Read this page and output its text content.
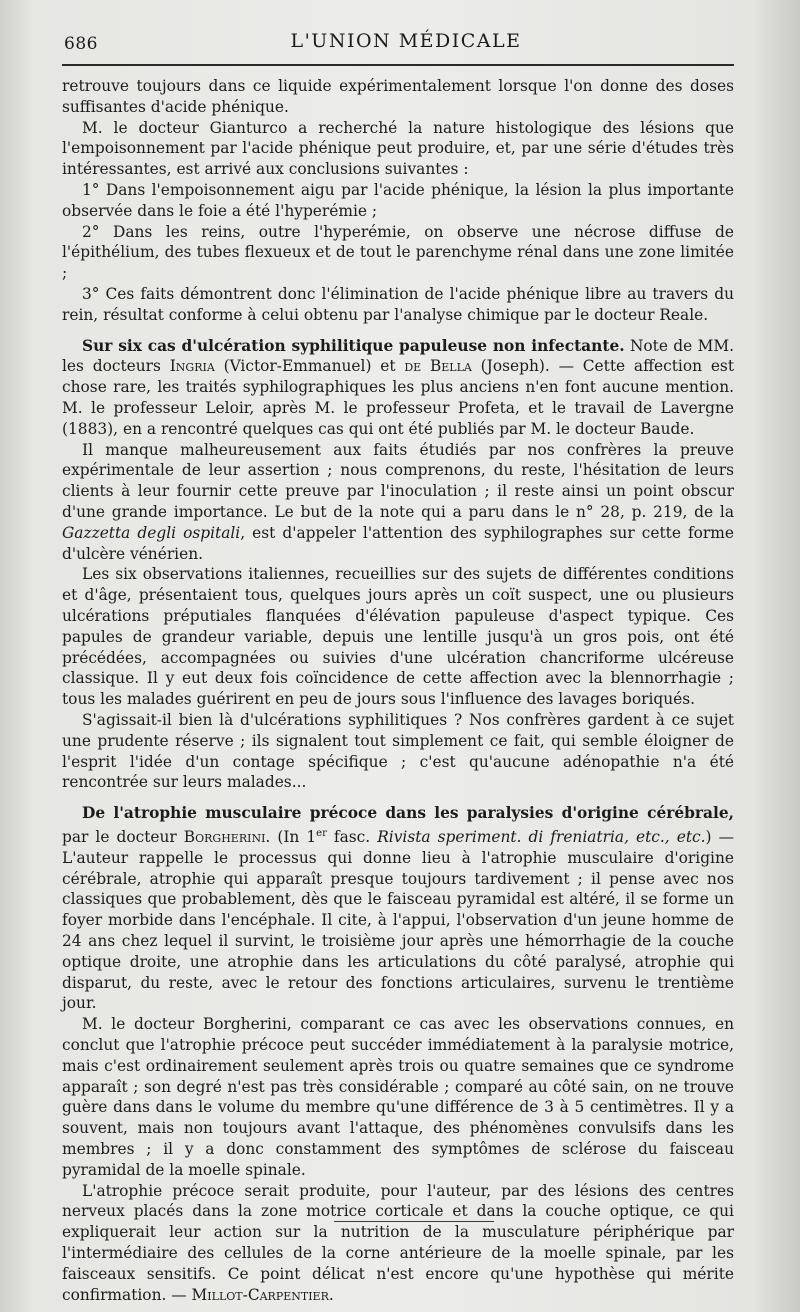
686	L'UNION MÉDICALE

retrouve toujours dans ce liquide expérimentalement lorsque l'on donne des doses suffisantes d'acide phénique.

M. le docteur Gianturco a recherché la nature histologique des lésions que l'empoisonnement par l'acide phénique peut produire, et, par une série d'études très intéressantes, est arrivé aux conclusions suivantes :

1° Dans l'empoisonnement aigu par l'acide phénique, la lésion la plus importante observée dans le foie a été l'hyperémie ;

2° Dans les reins, outre l'hyperémie, on observe une nécrose diffuse de l'épithélium, des tubes flexueux et de tout le parenchyme rénal dans une zone limitée ;

3° Ces faits démontrent donc l'élimination de l'acide phénique libre au travers du rein, résultat conforme à celui obtenu par l'analyse chimique par le docteur Reale.

Sur six cas d'ulcération syphilitique papuleuse non infectante. Note de MM. les docteurs Ingria (Victor-Emmanuel) et de Bella (Joseph). — Cette affection est chose rare, les traités syphilographiques les plus anciens n'en font aucune mention. M. le professeur Leloir, après M. le professeur Profeta, et le travail de Lavergne (1883), en a rencontré quelques cas qui ont été publiés par M. le docteur Baude.

Il manque malheureusement aux faits étudiés par nos confrères la preuve expérimentale de leur assertion ; nous comprenons, du reste, l'hésitation de leurs clients à leur fournir cette preuve par l'inoculation ; il reste ainsi un point obscur d'une grande importance. Le but de la note qui a paru dans le n° 28, p. 219, de la Gazzetta degli ospitali, est d'appeler l'attention des syphilographes sur cette forme d'ulcère vénérien.

Les six observations italiennes, recueillies sur des sujets de différentes conditions et d'âge, présentaient tous, quelques jours après un coït suspect, une ou plusieurs ulcérations préputiales flanquées d'élévation papuleuse d'aspect typique. Ces papules de grandeur variable, depuis une lentille jusqu'à un gros pois, ont été précédées, accompagnées ou suivies d'une ulcération chancriforme ulcéreuse classique. Il y eut deux fois coïncidence de cette affection avec la blennorrhagie ; tous les malades guérirent en peu de jours sous l'influence des lavages boriqués.

S'agissait-il bien là d'ulcérations syphilitiques ? Nos confrères gardent à ce sujet une prudente réserve ; ils signalent tout simplement ce fait, qui semble éloigner de l'esprit l'idée d'un contage spécifique ; c'est qu'aucune adénopathie n'a été rencontrée sur leurs malades...

De l'atrophie musculaire précoce dans les paralysies d'origine cérébrale, par le docteur Borgherini. (In 1er fasc. Rivista speriment. di freniatria, etc., etc.) — L'auteur rappelle le processus qui donne lieu à l'atrophie musculaire d'origine cérébrale, atrophie qui apparaît presque toujours tardivement ; il pense avec nos classiques que probablement, dès que le faisceau pyramidal est altéré, il se forme un foyer morbide dans l'encéphale. Il cite, à l'appui, l'observation d'un jeune homme de 24 ans chez lequel il survint, le troisième jour après une hémorrhagie de la couche optique droite, une atrophie dans les articulations du côté paralysé, atrophie qui disparut, du reste, avec le retour des fonctions articulaires, survenu le trentième jour.

M. le docteur Borgherini, comparant ce cas avec les observations connues, en conclut que l'atrophie précoce peut succéder immédiatement à la paralysie motrice, mais c'est ordinairement seulement après trois ou quatre semaines que ce syndrome apparaît ; son degré n'est pas très considérable ; comparé au côté sain, on ne trouve guère dans dans le volume du membre qu'une différence de 3 à 5 centimètres. Il y a souvent, mais non toujours avant l'attaque, des phénomènes convulsifs dans les membres ; il y a donc constamment des symptômes de sclérose du faisceau pyramidal de la moelle spinale.

L'atrophie précoce serait produite, pour l'auteur, par des lésions des centres nerveux placés dans la zone motrice corticale et dans la couche optique, ce qui expliquerait leur action sur la nutrition de la musculature périphérique par l'intermédiaire des cellules de la corne antérieure de la moelle spinale, par les faisceaux sensitifs. Ce point délicat n'est encore qu'une hypothèse qui mérite confirmation. — Millot-Carpentier.
